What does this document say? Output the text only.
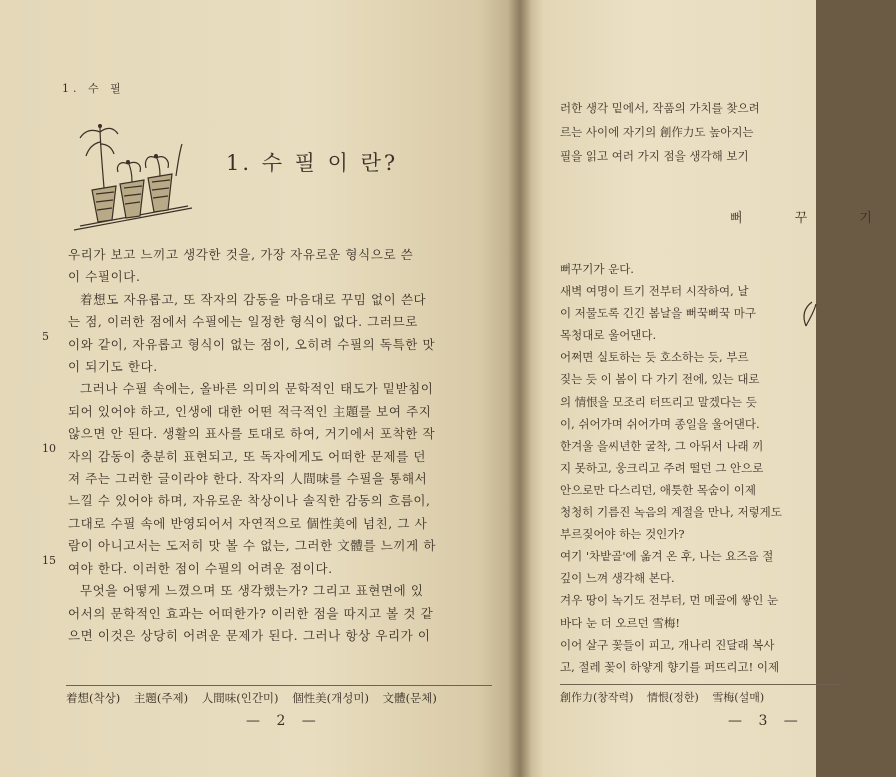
1. 수 필
1. 수 필 이 란?
5
10
15
우리가 보고 느끼고 생각한 것을, 가장 자유로운 형식으로 쓴
이 수필이다.
着想도 자유롭고, 또 작자의 감동을 마음대로 꾸밈 없이 쓴다
는 점, 이러한 점에서 수필에는 일정한 형식이 없다. 그러므로
이와 같이, 자유롭고 형식이 없는 점이, 오히려 수필의 독특한 맛
이 되기도 한다.
그러나 수필 속에는, 올바른 의미의 문학적인 태도가 밑받침이
되어 있어야 하고, 인생에 대한 어떤 적극적인 主題를 보여 주지
않으면 안 된다. 생활의 표사를 토대로 하여, 거기에서 포착한 작
자의 감동이 충분히 표현되고, 또 독자에게도 어떠한 문제를 던
져 주는 그러한 글이라야 한다. 작자의 人間味를 수필을 통해서
느낄 수 있어야 하며, 자유로운 착상이나 솔직한 감동의 흐름이,
그대로 수필 속에 반영되어서 자연적으로 個性美에 넘친, 그 사
람이 아니고서는 도저히 맛 볼 수 없는, 그러한 文體를 느끼게 하
여야 한다. 이러한 점이 수필의 어려운 점이다.
무엇을 어떻게 느꼈으며 또 생각했는가? 그리고 표현면에 있
어서의 문학적인 효과는 어떠한가? 이러한 점을 따지고 볼 것 같
으면 이것은 상당히 어려운 문제가 된다. 그러나 항상 우리가 이
着想(착상) 主題(주제) 人間味(인간미) 個性美(개성미) 文體(문체)
— 2 —
러한 생각 밑에서, 작품의 가치를 찾으려
르는 사이에 자기의 創作力도 높아지는
필을 읽고 여러 가지 점을 생각해 보기
뻐 꾸 기
뻐꾸기가 운다.
새벽 여명이 트기 전부터 시작하여, 날
이 저물도록 긴긴 봄날을 뻐꾹뻐꾹 마구
목청대로 울어댄다.
어쩌면 실토하는 듯 호소하는 듯, 부르
짖는 듯 이 봄이 다 가기 전에, 있는 대로
의 情恨을 모조리 터뜨리고 말겠다는 듯
이, 쉬어가며 쉬어가며 종일을 울어댄다.
한겨울 을씨년한 굴착, 그 아뒤서 나래 끼
지 못하고, 웅크리고 주려 떨던 그 안으로
안으로만 다스리던, 애틋한 목숨이 이제
청청히 기름진 녹음의 계절을 만나, 저렇게도
부르짖어야 하는 것인가?
여기 '차밭골'에 옮겨 온 후, 나는 요즈음 절
깊이 느껴 생각해 본다.
겨우 땅이 녹기도 전부터, 먼 메골에 쌓인 눈
바다 눈 더 오르던 雪梅!
이어 살구 꽃들이 피고, 개나리 진달래 복사
고, 절레 꽃이 하얗게 향기를 퍼뜨리고! 이제
創作力(창작력) 情恨(정한) 雪梅(설매)
— 3 —
